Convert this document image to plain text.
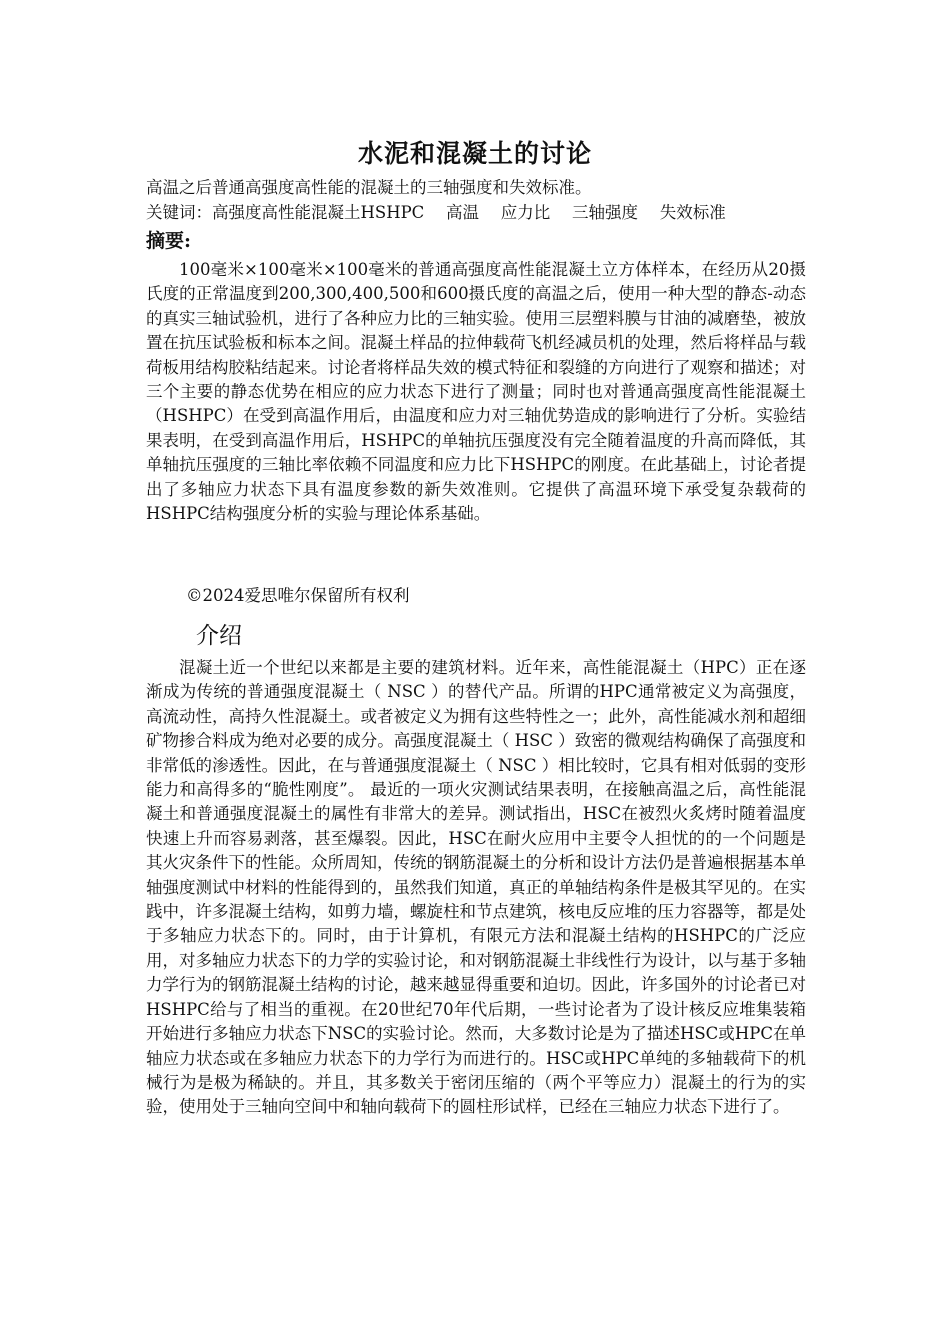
水泥和混凝土的讨论
高温之后普通高强度高性能的混凝土的三轴强度和失效标准。
关键词：高强度高性能混凝土HSHPC　 高温　 应力比　 三轴强度　 失效标准
摘要:
100毫米×100毫米×100毫米的普通高强度高性能混凝土立方体样本，在经历从20摄氏度的正常温度到200,300,400,500和600摄氏度的高温之后，使用一种大型的静态-动态的真实三轴试验机，进行了各种应力比的三轴实验。使用三层塑料膜与甘油的减磨垫，被放置在抗压试验板和标本之间。混凝土样品的拉伸载荷飞机经减员机的处理，然后将样品与载荷板用结构胶粘结起来。讨论者将样品失效的模式特征和裂缝的方向进行了观察和描述；对三个主要的静态优势在相应的应力状态下进行了测量；同时也对普通高强度高性能混凝土（HSHPC）在受到高温作用后，由温度和应力对三轴优势造成的影响进行了分析。实验结果表明，在受到高温作用后，HSHPC的单轴抗压强度没有完全随着温度的升高而降低，其单轴抗压强度的三轴比率依赖不同温度和应力比下HSHPC的刚度。在此基础上，讨论者提出了多轴应力状态下具有温度参数的新失效准则。它提供了高温环境下承受复杂载荷的HSHPC结构强度分析的实验与理论体系基础。
©2024爱思唯尔保留所有权利
介绍
混凝土近一个世纪以来都是主要的建筑材料。近年来，高性能混凝土（HPC）正在逐渐成为传统的普通强度混凝土（ NSC ）的替代产品。所谓的HPC通常被定义为高强度，高流动性，高持久性混凝土。或者被定义为拥有这些特性之一；此外，高性能减水剂和超细矿物掺合料成为绝对必要的成分。高强度混凝土（ HSC ）致密的微观结构确保了高强度和非常低的渗透性。因此，在与普通强度混凝土（ NSC ）相比较时，它具有相对低弱的变形能力和高得多的“脆性刚度”。 最近的一项火灾测试结果表明，在接触高温之后，高性能混凝土和普通强度混凝土的属性有非常大的差异。测试指出，HSC在被烈火炙烤时随着温度快速上升而容易剥落，甚至爆裂。因此，HSC在耐火应用中主要令人担忧的的一个问题是其火灾条件下的性能。众所周知，传统的钢筋混凝土的分析和设计方法仍是普遍根据基本单轴强度测试中材料的性能得到的，虽然我们知道，真正的单轴结构条件是极其罕见的。在实践中，许多混凝土结构，如剪力墙，螺旋柱和节点建筑，核电反应堆的压力容器等，都是处于多轴应力状态下的。同时，由于计算机，有限元方法和混凝土结构的HSHPC的广泛应用，对多轴应力状态下的力学的实验讨论，和对钢筋混凝土非线性行为设计，以与基于多轴力学行为的钢筋混凝土结构的讨论，越来越显得重要和迫切。因此，许多国外的讨论者已对HSHPC给与了相当的重视。在20世纪70年代后期，一些讨论者为了设计核反应堆集装箱开始进行多轴应力状态下NSC的实验讨论。然而，大多数讨论是为了描述HSC或HPC在单轴应力状态或在多轴应力状态下的力学行为而进行的。HSC或HPC单纯的多轴载荷下的机械行为是极为稀缺的。并且，其多数关于密闭压缩的（两个平等应力）混凝土的行为的实验，使用处于三轴向空间中和轴向载荷下的圆柱形试样，已经在三轴应力状态下进行了。
